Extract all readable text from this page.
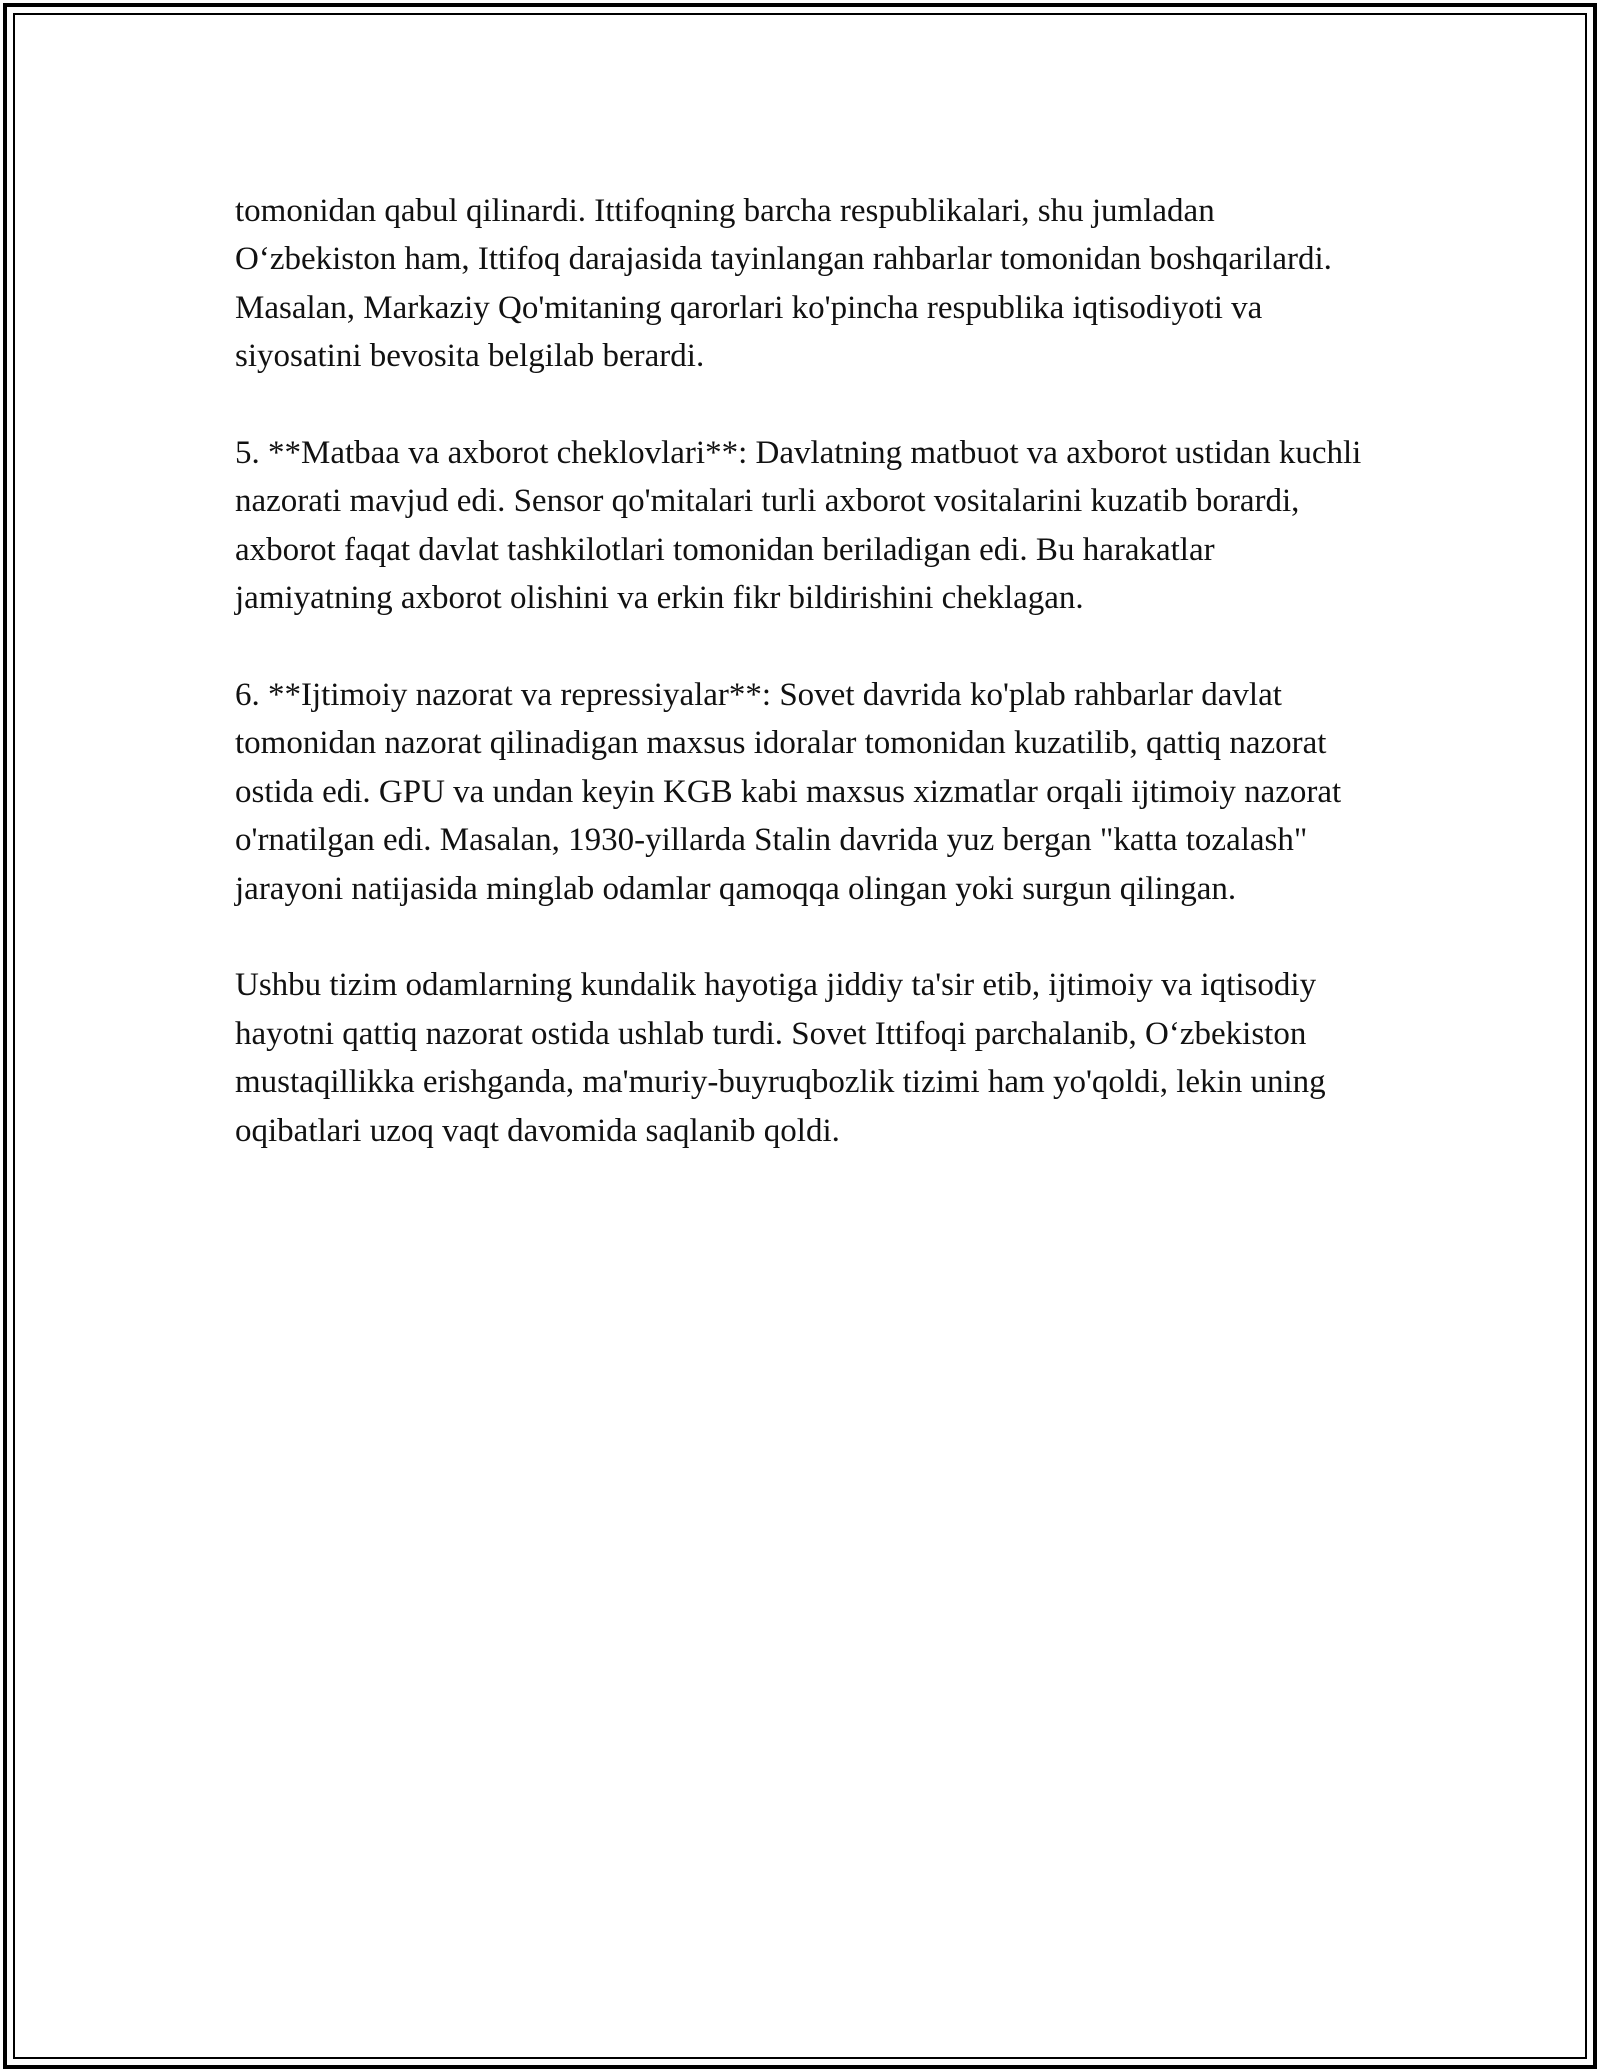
tomonidan qabul qilinardi. Ittifoqning barcha respublikalari, shu jumladan O‘zbekiston ham, Ittifoq darajasida tayinlangan rahbarlar tomonidan boshqarilardi. Masalan, Markaziy Qo'mitaning qarorlari ko'pincha respublika iqtisodiyoti va siyosatini bevosita belgilab berardi.

5. **Matbaa va axborot cheklovlari**: Davlatning matbuot va axborot ustidan kuchli nazorati mavjud edi. Sensor qo'mitalari turli axborot vositalarini kuzatib borardi, axborot faqat davlat tashkilotlari tomonidan beriladigan edi. Bu harakatlar jamiyatning axborot olishini va erkin fikr bildirishini cheklagan.

6. **Ijtimoiy nazorat va repressiyalar**: Sovet davrida ko'plab rahbarlar davlat tomonidan nazorat qilinadigan maxsus idoralar tomonidan kuzatilib, qattiq nazorat ostida edi. GPU va undan keyin KGB kabi maxsus xizmatlar orqali ijtimoiy nazorat o'rnatilgan edi. Masalan, 1930-yillarda Stalin davrida yuz bergan "katta tozalash" jarayoni natijasida minglab odamlar qamoqqa olingan yoki surgun qilingan.

Ushbu tizim odamlarning kundalik hayotiga jiddiy ta'sir etib, ijtimoiy va iqtisodiy hayotni qattiq nazorat ostida ushlab turdi. Sovet Ittifoqi parchalanib, O‘zbekiston mustaqillikka erishganda, ma'muriy-buyruqbozlik tizimi ham yo'qoldi, lekin uning oqibatlari uzoq vaqt davomida saqlanib qoldi.
